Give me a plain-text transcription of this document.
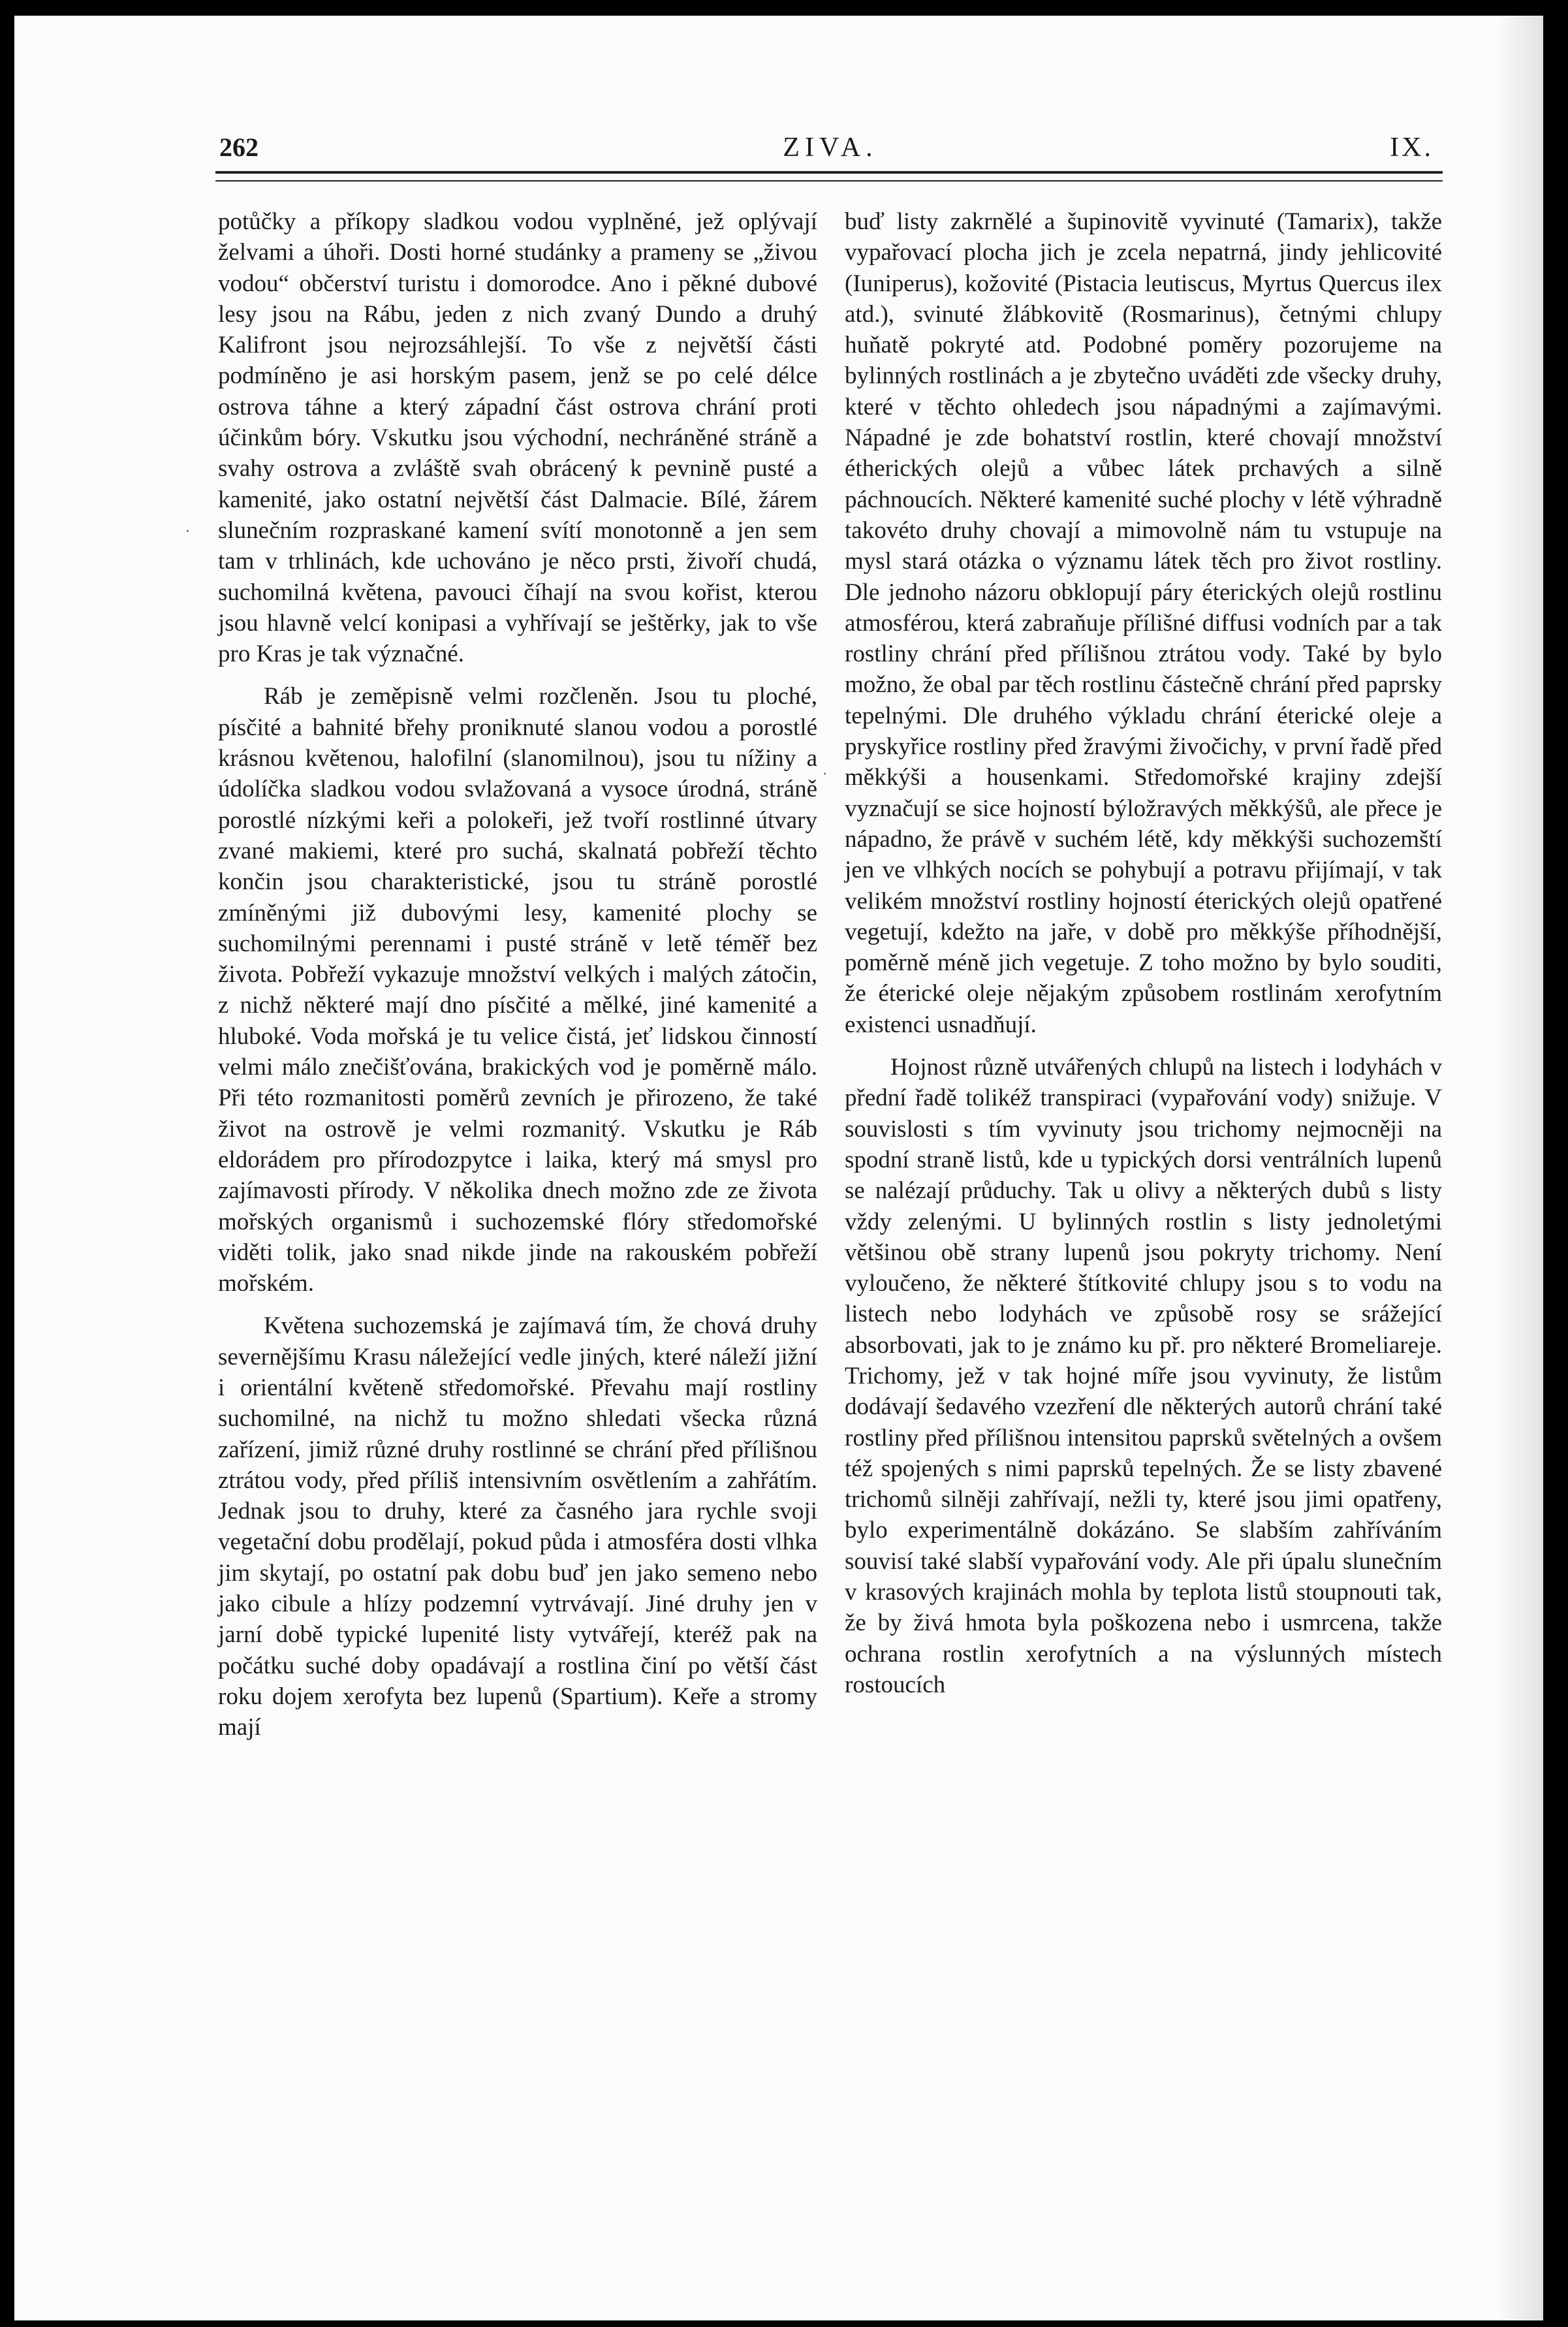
262	ZIVA.	IX.
·
·

potůčky a příkopy sladkou vodou vyplněné, jež oplývají želvami a úhoři. Dosti horné studánky a prameny se „živou vodou“ občerství turistu i domorodce. Ano i pěkné dubové lesy jsou na Rábu, jeden z nich zvaný Dundo a druhý Kalifront jsou nejrozsáhlejší. To vše z největší části podmíněno je asi horským pasem, jenž se po celé délce ostrova táhne a který západní část ostrova chrání proti účinkům bóry. Vskutku jsou východní, nechráněné stráně a svahy ostrova a zvláště svah obrácený k pevnině pusté a kamenité, jako ostatní největší část Dalmacie. Bílé, žárem slunečním rozpraskané kamení svítí monotonně a jen sem tam v trhlinách, kde uchováno je něco prsti, živoří chudá, suchomilná květena, pavouci číhají na svou kořist, kterou jsou hlavně velcí konipasi a vyhřívají se ještěrky, jak to vše pro Kras je tak význačné.

Ráb je zeměpisně velmi rozčleněn. Jsou tu ploché, písčité a bahnité břehy proniknuté slanou vodou a porostlé krásnou květenou, halofilní (slanomilnou), jsou tu nížiny a údolíčka sladkou vodou svlažovaná a vysoce úrodná, stráně porostlé nízkými keři a polokeři, jež tvoří rostlinné útvary zvané makiemi, které pro suchá, skalnatá pobřeží těchto končin jsou charakteristické, jsou tu stráně porostlé zmíněnými již dubovými lesy, kamenité plochy se suchomilnými perennami i pusté stráně v letě téměř bez života. Pobřeží vykazuje množství velkých i malých zátočin, z nichž některé mají dno písčité a mělké, jiné kamenité a hluboké. Voda mořská je tu velice čistá, jeť lidskou činností velmi málo znečišťována, brakických vod je poměrně málo. Při této rozmanitosti poměrů zevních je přirozeno, že také život na ostrově je velmi rozmanitý. Vskutku je Ráb eldorádem pro přírodozpytce i laika, který má smysl pro zajímavosti přírody. V několika dnech možno zde ze života mořských organismů i suchozemské flóry středomořské viděti tolik, jako snad nikde jinde na rakouském pobřeží mořském.

Květena suchozemská je zajímavá tím, že chová druhy severnějšímu Krasu náležející vedle jiných, které náleží jižní i orientální květeně středomořské. Převahu mají rostliny suchomilné, na nichž tu možno shledati všecka různá zařízení, jimiž různé druhy rostlinné se chrání před přílišnou ztrátou vody, před příliš intensivním osvětlením a zahřátím. Jednak jsou to druhy, které za časného jara rychle svoji vegetační dobu prodělají, pokud půda i atmosféra dosti vlhka jim skytají, po ostatní pak dobu buď jen jako semeno nebo jako cibule a hlízy podzemní vytrvávají. Jiné druhy jen v jarní době typické lupenité listy vytvářejí, kteréž pak na počátku suché doby opadávají a rostlina činí po větší část roku dojem xerofyta bez lupenů (Spartium). Keře a stromy mají

buď listy zakrnělé a šupinovitě vyvinuté (Tamarix), takže vypařovací plocha jich je zcela nepatrná, jindy jehlicovité (Iuniperus), kožovité (Pistacia leutiscus, Myrtus Quercus ilex atd.), svinuté žlábkovitě (Rosmarinus), četnými chlupy huňatě pokryté atd. Podobné poměry pozorujeme na bylinných rostlinách a je zbytečno uváděti zde všecky druhy, které v těchto ohledech jsou nápadnými a zajímavými. Nápadné je zde bohatství rostlin, které chovají množství étherických olejů a vůbec látek prchavých a silně páchnoucích. Některé kamenité suché plochy v létě výhradně takovéto druhy chovají a mimovolně nám tu vstupuje na mysl stará otázka o významu látek těch pro život rostliny. Dle jednoho názoru obklopují páry éterických olejů rostlinu atmosférou, která zabraňuje přílišné diffusi vodních par a tak rostliny chrání před přílišnou ztrátou vody. Také by bylo možno, že obal par těch rostlinu částečně chrání před paprsky tepelnými. Dle druhého výkladu chrání éterické oleje a pryskyřice rostliny před žravými živočichy, v první řadě před měkkýši a housenkami. Středomořské krajiny zdejší vyznačují se sice hojností býložravých měkkýšů, ale přece je nápadno, že právě v suchém létě, kdy měkkýši suchozemští jen ve vlhkých nocích se pohybují a potravu přijímají, v tak velikém množství rostliny hojností éterických olejů opatřené vegetují, kdežto na jaře, v době pro měkkýše příhodnější, poměrně méně jich vegetuje. Z toho možno by bylo souditi, že éterické oleje nějakým způsobem rostlinám xerofytním existenci usnadňují.

Hojnost různě utvářených chlupů na listech i lodyhách v přední řadě tolikéž transpiraci (vypařování vody) snižuje. V souvislosti s tím vyvinuty jsou trichomy nejmocněji na spodní straně listů, kde u typických dorsi ventrálních lupenů se nalézají průduchy. Tak u olivy a některých dubů s listy vždy zelenými. U bylinných rostlin s listy jednoletými většinou obě strany lupenů jsou pokryty trichomy. Není vyloučeno, že některé štítkovité chlupy jsou s to vodu na listech nebo lodyhách ve způsobě rosy se srážející absorbovati, jak to je známo ku př. pro některé Bromeliareje. Trichomy, jež v tak hojné míře jsou vyvinuty, že listům dodávají šedavého vzezření dle některých autorů chrání také rostliny před přílišnou intensitou paprsků světelných a ovšem též spojených s nimi paprsků tepelných. Že se listy zbavené trichomů silněji zahřívají, nežli ty, které jsou jimi opatřeny, bylo experimentálně dokázáno. Se slabším zahříváním souvisí také slabší vypařování vody. Ale při úpalu slunečním v krasových krajinách mohla by teplota listů stoupnouti tak, že by živá hmota byla poškozena nebo i usmrcena, takže ochrana rostlin xerofytních a na výslunných místech rostoucích
